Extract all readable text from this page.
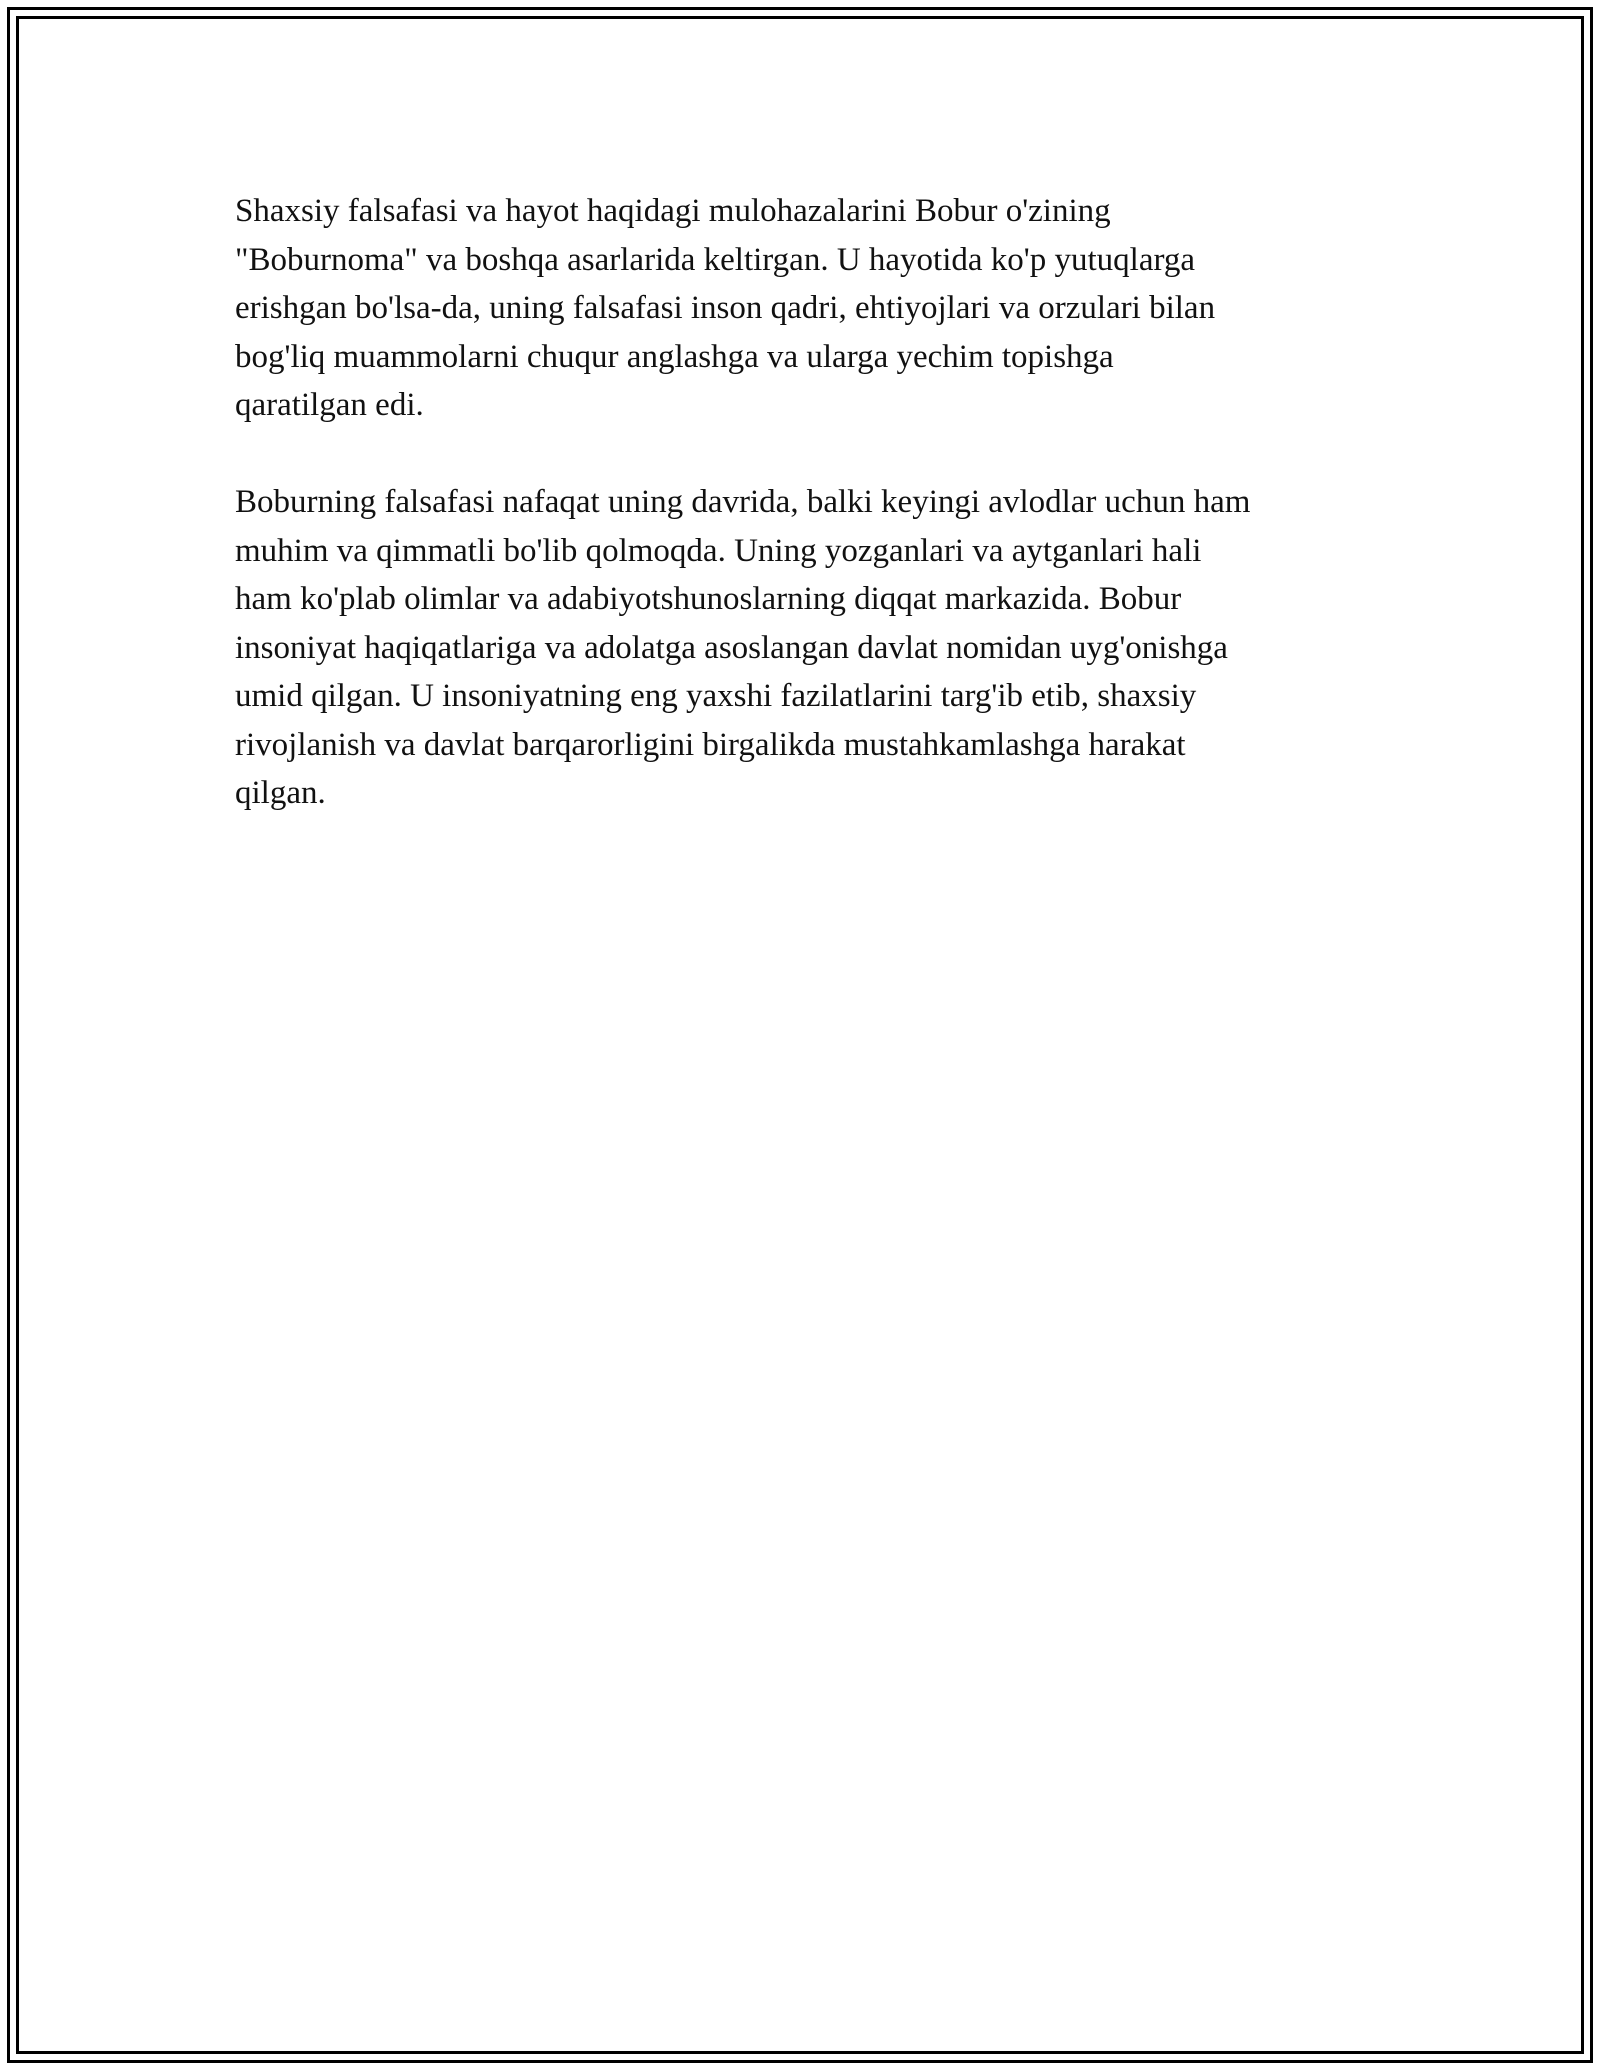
Shaxsiy falsafasi va hayot haqidagi mulohazalarini Bobur o'zining
"Boburnoma" va boshqa asarlarida keltirgan. U hayotida ko'p yutuqlarga
erishgan bo'lsa-da, uning falsafasi inson qadri, ehtiyojlari va orzulari bilan
bog'liq muammolarni chuqur anglashga va ularga yechim topishga
qaratilgan edi.

Boburning falsafasi nafaqat uning davrida, balki keyingi avlodlar uchun ham
muhim va qimmatli bo'lib qolmoqda. Uning yozganlari va aytganlari hali
ham ko'plab olimlar va adabiyotshunoslarning diqqat markazida. Bobur
insoniyat haqiqatlariga va adolatga asoslangan davlat nomidan uyg'onishga
umid qilgan. U insoniyatning eng yaxshi fazilatlarini targ'ib etib, shaxsiy
rivojlanish va davlat barqarorligini birgalikda mustahkamlashga harakat
qilgan.
